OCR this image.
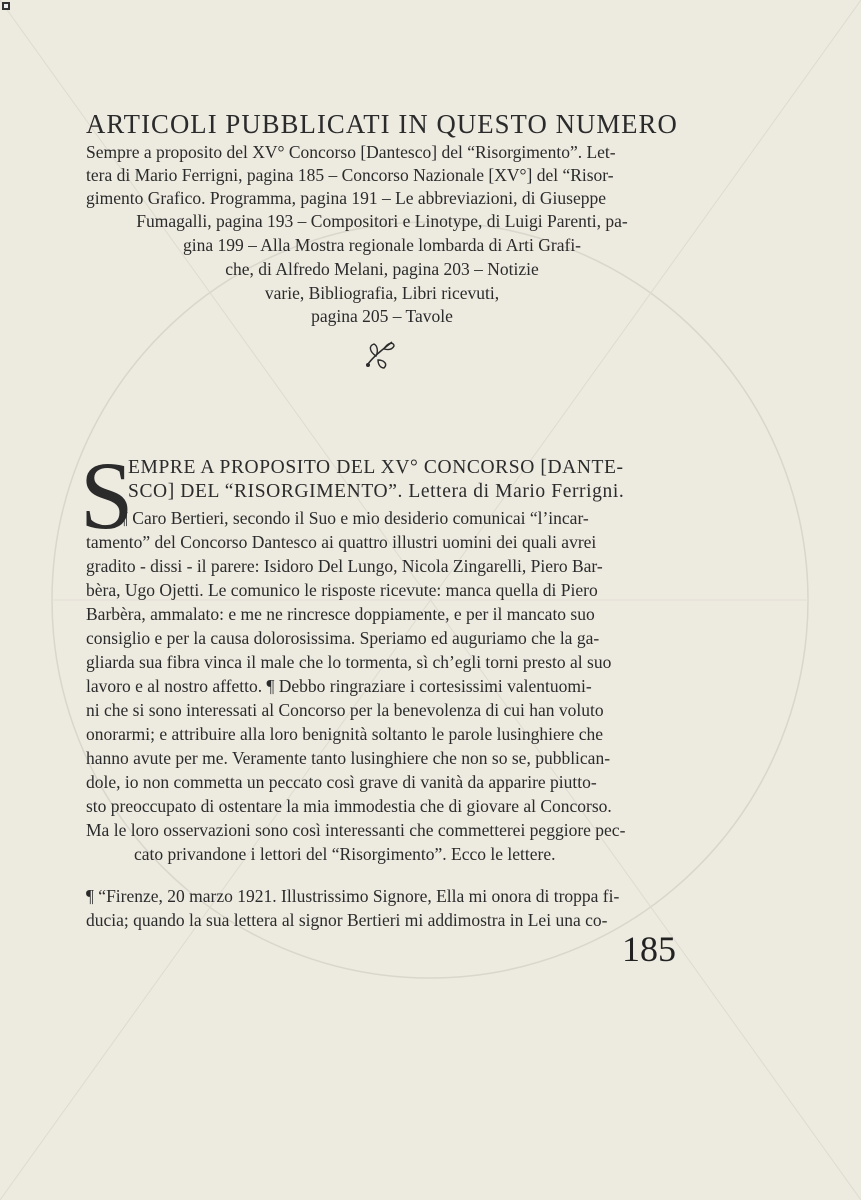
ARTICOLI PUBBLICATI IN QUESTO NUMERO
Sempre a proposito del XV° Concorso [Dantesco] del “Risorgimento”. Let-
tera di Mario Ferrigni, pagina 185 – Concorso Nazionale [XV°] del “Risor-
gimento Grafico. Programma, pagina 191 – Le abbreviazioni, di Giuseppe
Fumagalli, pagina 193 – Compositori e Linotype, di Luigi Parenti, pa-
gina 199 – Alla Mostra regionale lombarda di Arti Grafi-
che, di Alfredo Melani, pagina 203 – Notizie
varie, Bibliografia, Libri ricevuti,
pagina 205 – Tavole
S
EMPRE A PROPOSITO DEL XV° CONCORSO [DANTE-
SCO] DEL “RISORGIMENTO”. Lettera di Mario Ferrigni.
¶ Caro Bertieri, secondo il Suo e mio desiderio comunicai “l’incar-
tamento” del Concorso Dantesco ai quattro illustri uomini dei quali avrei
gradito - dissi - il parere: Isidoro Del Lungo, Nicola Zingarelli, Piero Bar-
bèra, Ugo Ojetti. Le comunico le risposte ricevute: manca quella di Piero
Barbèra, ammalato: e me ne rincresce doppiamente, e per il mancato suo
consiglio e per la causa dolorosissima. Speriamo ed auguriamo che la ga-
gliarda sua fibra vinca il male che lo tormenta, sì ch’egli torni presto al suo
lavoro e al nostro affetto. ¶ Debbo ringraziare i cortesissimi valentuomi-
ni che si sono interessati al Concorso per la benevolenza di cui han voluto
onorarmi; e attribuire alla loro benignità soltanto le parole lusinghiere che
hanno avute per me. Veramente tanto lusinghiere che non so se, pubblican-
dole, io non commetta un peccato così grave di vanità da apparire piutto-
sto preoccupato di ostentare la mia immodestia che di giovare al Concorso.
Ma le loro osservazioni sono così interessanti che commetterei peggiore pec-
cato privandone i lettori del “Risorgimento”. Ecco le lettere.
¶ “Firenze, 20 marzo 1921. Illustrissimo Signore, Ella mi onora di troppa fi-
ducia; quando la sua lettera al signor Bertieri mi addimostra in Lei una co-
185
